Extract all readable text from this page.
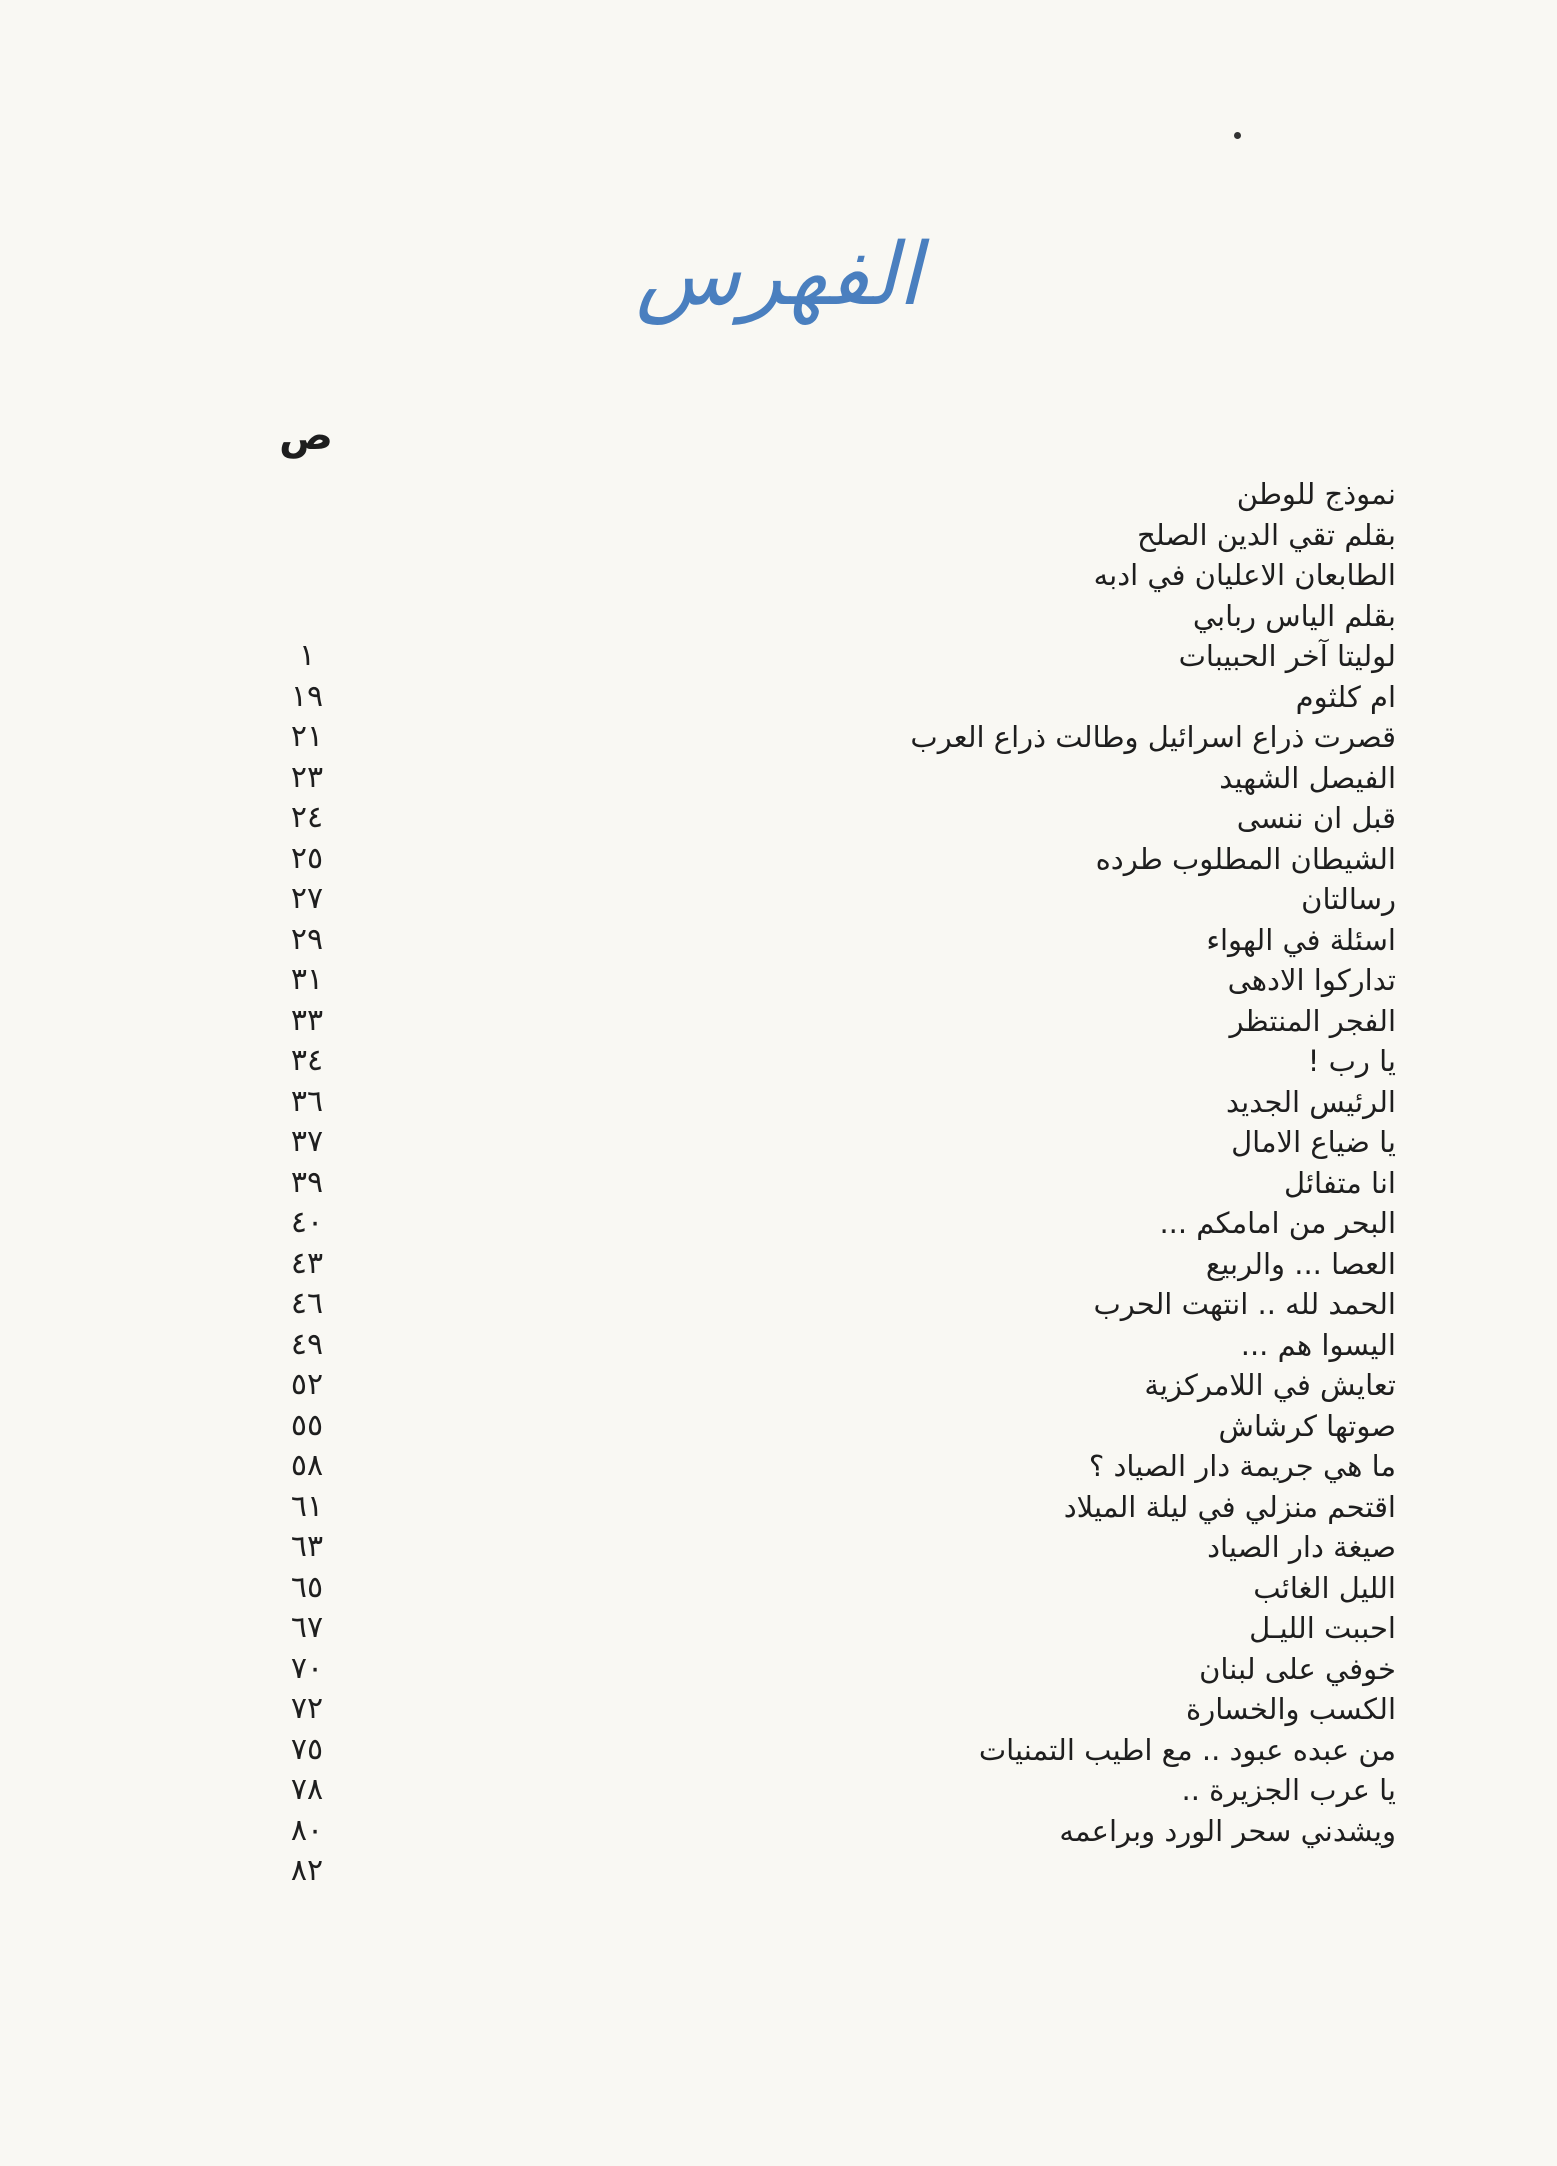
الفهرس
ص
نموذج للوطن
بقلم تقي الدين الصلح
الطابعان الاعليان في ادبه
بقلم الياس ربابي
لوليتا آخر الحبيبات
ام كلثوم
قصرت ذراع اسرائيل وطالت ذراع العرب
الفيصل الشهيد
قبل ان ننسى
الشيطان المطلوب طرده
رسالتان
اسئلة في الهواء
تداركوا الادهى
الفجر المنتظر
يا رب !
الرئيس الجديد
يا ضياع الامال
انا متفائل
البحر من امامكم ...
العصا ... والربيع
الحمد لله .. انتهت الحرب
اليسوا هم ...
تعايش في اللامركزية
صوتها كرشاش
ما هي جريمة دار الصياد ؟
اقتحم منزلي في ليلة الميلاد
صيغة دار الصياد
الليل الغائب
احببت الليـل
خوفي على لبنان
الكسب والخسارة
من عبده عبود .. مع اطيب التمنيات
يا عرب الجزيرة ..
ويشدني سحر الورد وبراعمه
١
١٩
٢١
٢٣
٢٤
٢٥
٢٧
٢٩
٣١
٣٣
٣٤
٣٦
٣٧
٣٩
٤٠
٤٣
٤٦
٤٩
٥٢
٥٥
٥٨
٦١
٦٣
٦٥
٦٧
٧٠
٧٢
٧٥
٧٨
٨٠
٨٢
